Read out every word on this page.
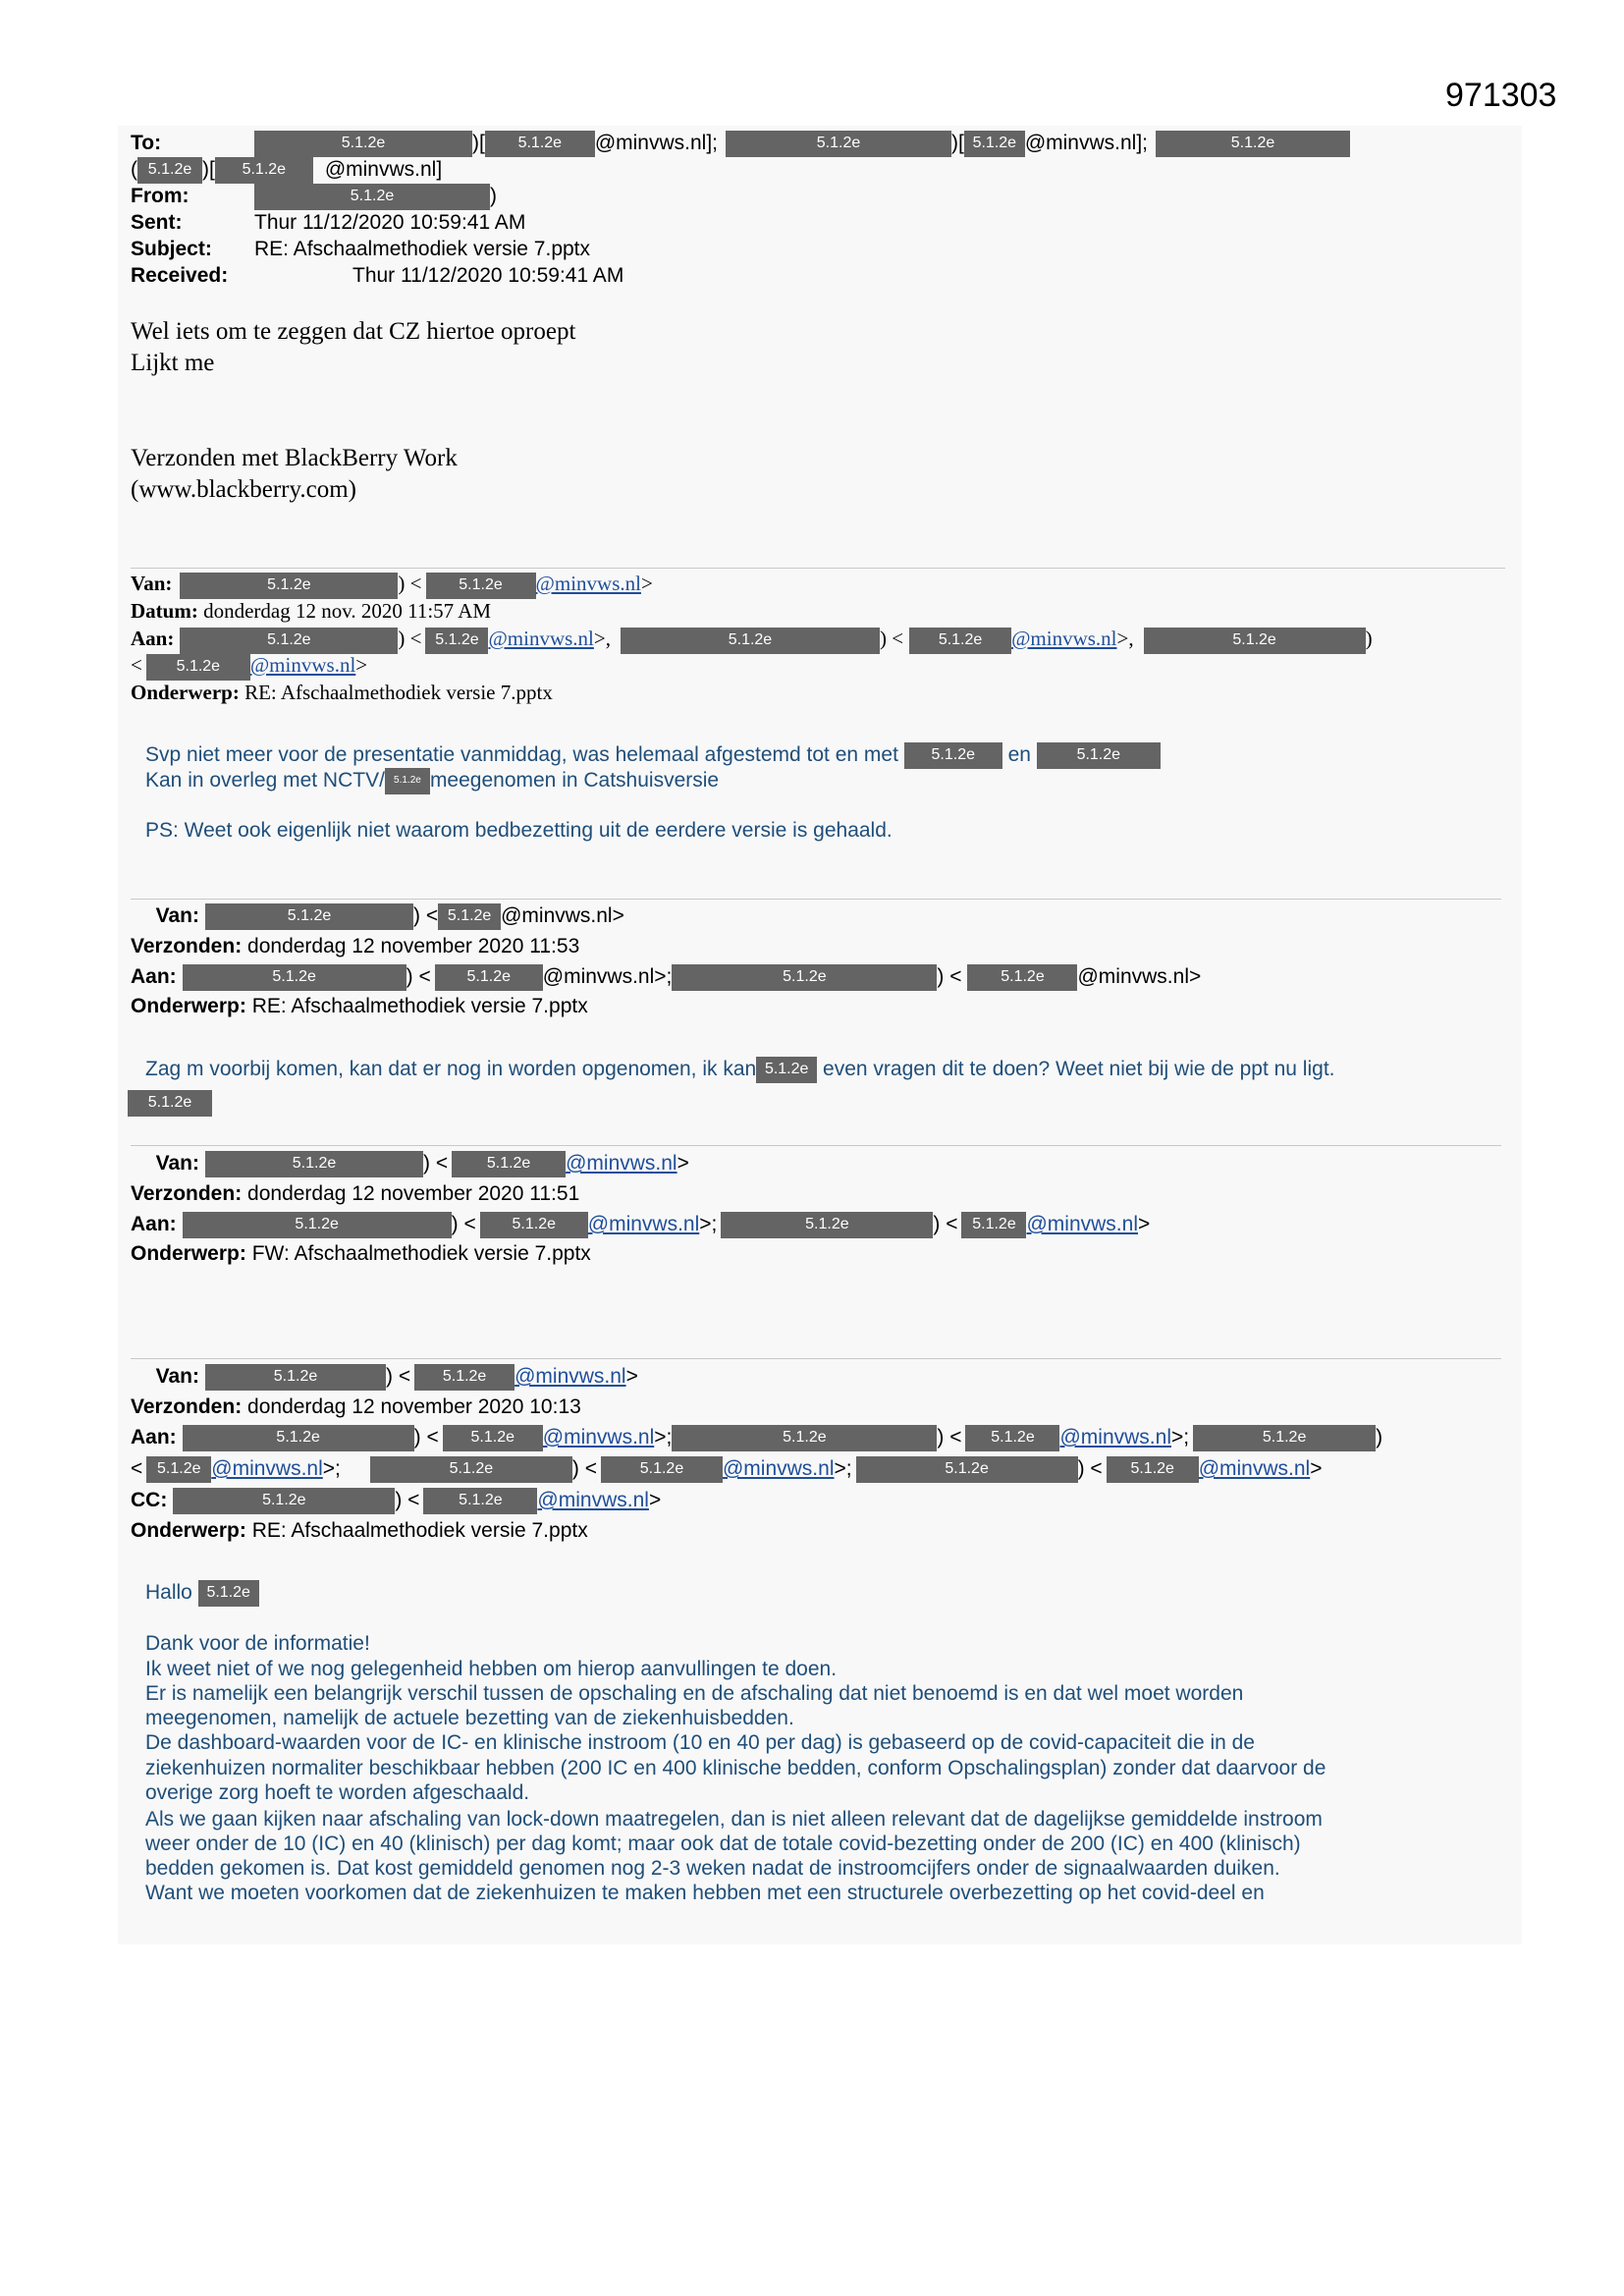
971303
To:	5.1.2e	)[ 5.1.2e @minvws.nl];	5.1.2e	)[ 5.1.2e @minvws.nl];	5.1.2e
( 5.1.2e )[ 5.1.2e @minvws.nl]
From:	5.1.2e	)
Sent:	Thur 11/12/2020 10:59:41 AM
Subject: RE: Afschaalmethodiek versie 7.pptx
Received:	Thur 11/12/2020 10:59:41 AM
Wel iets om te zeggen dat CZ hiertoe oproept
Lijkt me
Verzonden met BlackBerry Work
(www.blackberry.com)
Van:	5.1.2e	) < 5.1.2e @minvws.nl>
Datum: donderdag 12 nov. 2020 11:57 AM
Aan:	5.1.2e	) < 5.1.2e @minvws.nl>,	5.1.2e	) < 5.1.2e @minvws.nl>,	5.1.2e	)
< 5.1.2e @minvws.nl>
Onderwerp: RE: Afschaalmethodiek versie 7.pptx
Svp niet meer voor de presentatie vanmiddag, was helemaal afgestemd tot en met 5.1.2e en	5.1.2e
Kan in overleg met NCTV/ 5.1.2e meegenomen in Catshuisversie
PS: Weet ook eigenlijk niet waarom bedbezetting uit de eerdere versie is gehaald.
Van:	5.1.2e	) < 5.1.2e @minvws.nl>
Verzonden: donderdag 12 november 2020 11:53
Aan:	5.1.2e	) < 5.1.2e @minvws.nl>;	5.1.2e	) < 5.1.2e @minvws.nl>
Onderwerp: RE: Afschaalmethodiek versie 7.pptx
Zag m voorbij komen, kan dat er nog in worden opgenomen, ik kan 5.1.2e even vragen dit te doen? Weet niet bij wie de ppt nu ligt.
5.1.2e
Van:	5.1.2e	) < 5.1.2e @minvws.nl>
Verzonden: donderdag 12 november 2020 11:51
Aan:	5.1.2e	) < 5.1.2e @minvws.nl>;	5.1.2e	) < 5.1.2e @minvws.nl>
Onderwerp: FW: Afschaalmethodiek versie 7.pptx
Van:	5.1.2e	) < 5.1.2e @minvws.nl>
Verzonden: donderdag 12 november 2020 10:13
Aan:	5.1.2e	) < 5.1.2e @minvws.nl>;	5.1.2e	) < 5.1.2e @minvws.nl>;	5.1.2e	)
< 5.1.2e @minvws.nl>;	5.1.2e	) <	5.1.2e @minvws.nl>;	5.1.2e	) < 5.1.2e @minvws.nl>
CC:	5.1.2e	) < 5.1.2e @minvws.nl>
Onderwerp: RE: Afschaalmethodiek versie 7.pptx
Hallo 5.1.2e
Dank voor de informatie!
Ik weet niet of we nog gelegenheid hebben om hierop aanvullingen te doen.
Er is namelijk een belangrijk verschil tussen de opschaling en de afschaling dat niet benoemd is en dat wel moet worden
meegenomen, namelijk de actuele bezetting van de ziekenhuisbedden.
De dashboard-waarden voor de IC- en klinische instroom (10 en 40 per dag) is gebaseerd op de covid-capaciteit die in de
ziekenhuizen normaliter beschikbaar hebben (200 IC en 400 klinische bedden, conform Opschalingsplan) zonder dat daarvoor de
overige zorg hoeft te worden afgeschaald.
Als we gaan kijken naar afschaling van lock-down maatregelen, dan is niet alleen relevant dat de dagelijkse gemiddelde instroom
weer onder de 10 (IC) en 40 (klinisch) per dag komt; maar ook dat de totale covid-bezetting onder de 200 (IC) en 400 (klinisch)
bedden gekomen is. Dat kost gemiddeld genomen nog 2-3 weken nadat de instroomcijfers onder de signaalwaarden duiken.
Want we moeten voorkomen dat de ziekenhuizen te maken hebben met een structurele overbezetting op het covid-deel en
